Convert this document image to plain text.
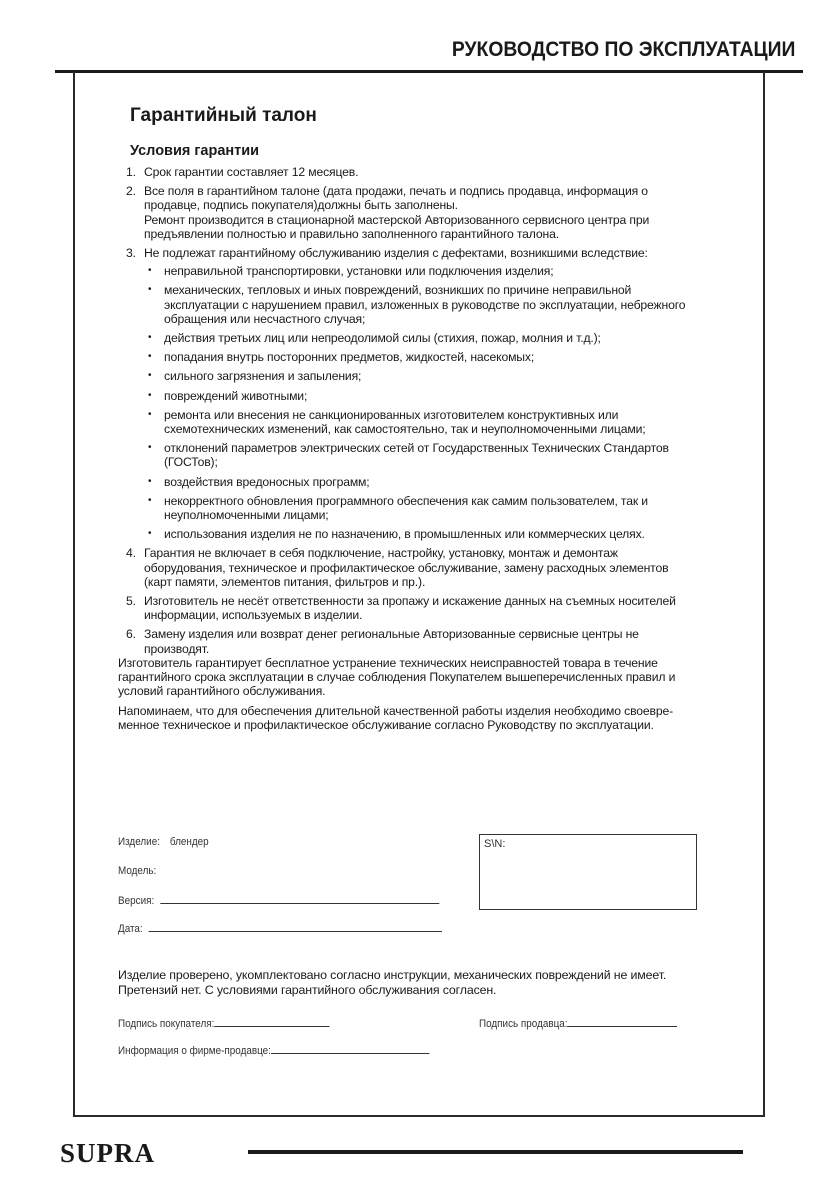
РУКОВОДСТВО ПО ЭКСПЛУАТАЦИИ
Гарантийный талон
Условия гарантии
1. Срок гарантии составляет 12 месяцев.
2. Все поля в гарантийном талоне (дата продажи, печать и подпись продавца, информация о продавце, подпись покупателя)должны быть заполнены.
Ремонт производится в стационарной мастерской Авторизованного сервисного центра при предъявлении полностью и правильно заполненного гарантийного талона.
3. Не подлежат гарантийному обслуживанию изделия с дефектами, возникшими вследствие:
• неправильной транспортировки, установки или подключения изделия;
• механических, тепловых и иных повреждений, возникших по причине неправильной эксплуатации с нарушением правил, изложенных в руководстве по эксплуатации, небрежного обращения или несчастного случая;
• действия третьих лиц или непреодолимой силы (стихия, пожар, молния и т.д.);
• попадания внутрь посторонних предметов, жидкостей, насекомых;
• сильного загрязнения и запыления;
• повреждений животными;
• ремонта или внесения не санкционированных изготовителем конструктивных или схемотехнических изменений, как самостоятельно, так и неуполномоченными лицами;
• отклонений параметров электрических сетей от Государственных Технических Стандартов (ГОСТов);
• воздействия вредоносных программ;
• некорректного обновления программного обеспечения как самим пользователем, так и неуполномоченными лицами;
• использования изделия не по назначению, в промышленных или коммерческих целях.
4. Гарантия не включает в себя подключение, настройку, установку, монтаж и демонтаж оборудования, техническое и профилактическое обслуживание, замену расходных элементов (карт памяти, элементов питания, фильтров и пр.).
5. Изготовитель не несёт ответственности за пропажу и искажение данных на съемных носителей информации, используемых в изделии.
6. Замену изделия или возврат денег региональные Авторизованные сервисные центры не производят.

Изготовитель гарантирует бесплатное устранение технических неисправностей товара в течение гарантийного срока эксплуатации в случае соблюдения Покупателем вышеперечисленных правил и условий гарантийного обслуживания.

Напоминаем, что для обеспечения длительной качественной работы изделия необходимо своевре-менное техническое и профилактическое обслуживание согласно Руководству по эксплуатации.

Изделие: блендер
Модель:
Версия:
Дата:
S\N:
Изделие проверено, укомплектовано согласно инструкции, механических повреждений не имеет. Претензий нет. С условиями гарантийного обслуживания согласен.
Подпись покупателя:	Подпись продавца:
Информация о фирме-продавце:
SUPRA
